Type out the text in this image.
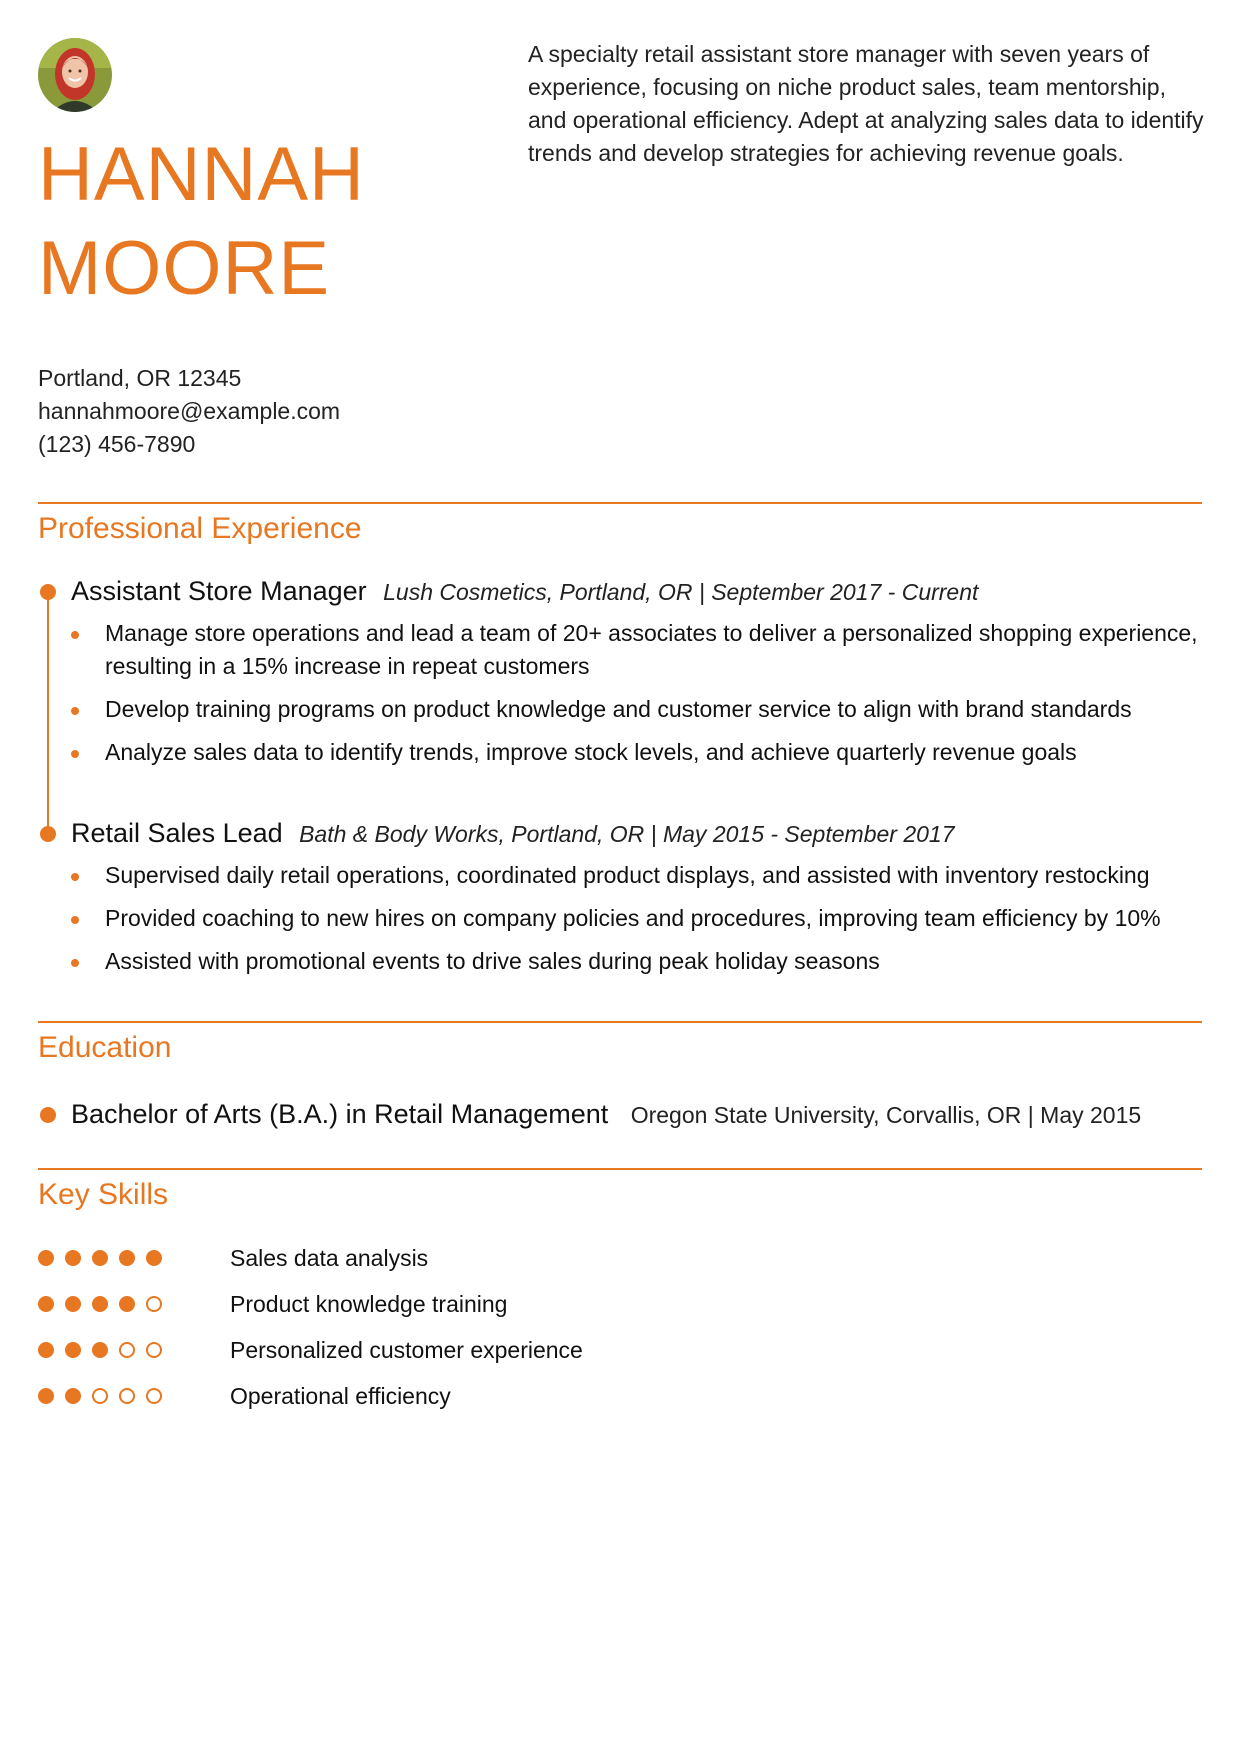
HANNAH
MOORE

A specialty retail assistant store manager with seven years of experience, focusing on niche product sales, team mentorship, and operational efficiency. Adept at analyzing sales data to identify trends and develop strategies for achieving revenue goals.

Portland, OR 12345
hannahmoore@example.com
(123) 456-7890
Professional Experience
Assistant Store Manager Lush Cosmetics, Portland, OR | September 2017 - Current
Manage store operations and lead a team of 20+ associates to deliver a personalized shopping experience, resulting in a 15% increase in repeat customers
Develop training programs on product knowledge and customer service to align with brand standards
Analyze sales data to identify trends, improve stock levels, and achieve quarterly revenue goals
Retail Sales Lead Bath & Body Works, Portland, OR | May 2015 - September 2017
Supervised daily retail operations, coordinated product displays, and assisted with inventory restocking
Provided coaching to new hires on company policies and procedures, improving team efficiency by 10%
Assisted with promotional events to drive sales during peak holiday seasons
Education
Bachelor of Arts (B.A.) in Retail Management Oregon State University, Corvallis, OR | May 2015
Key Skills
Sales data analysis
Product knowledge training
Personalized customer experience
Operational efficiency
